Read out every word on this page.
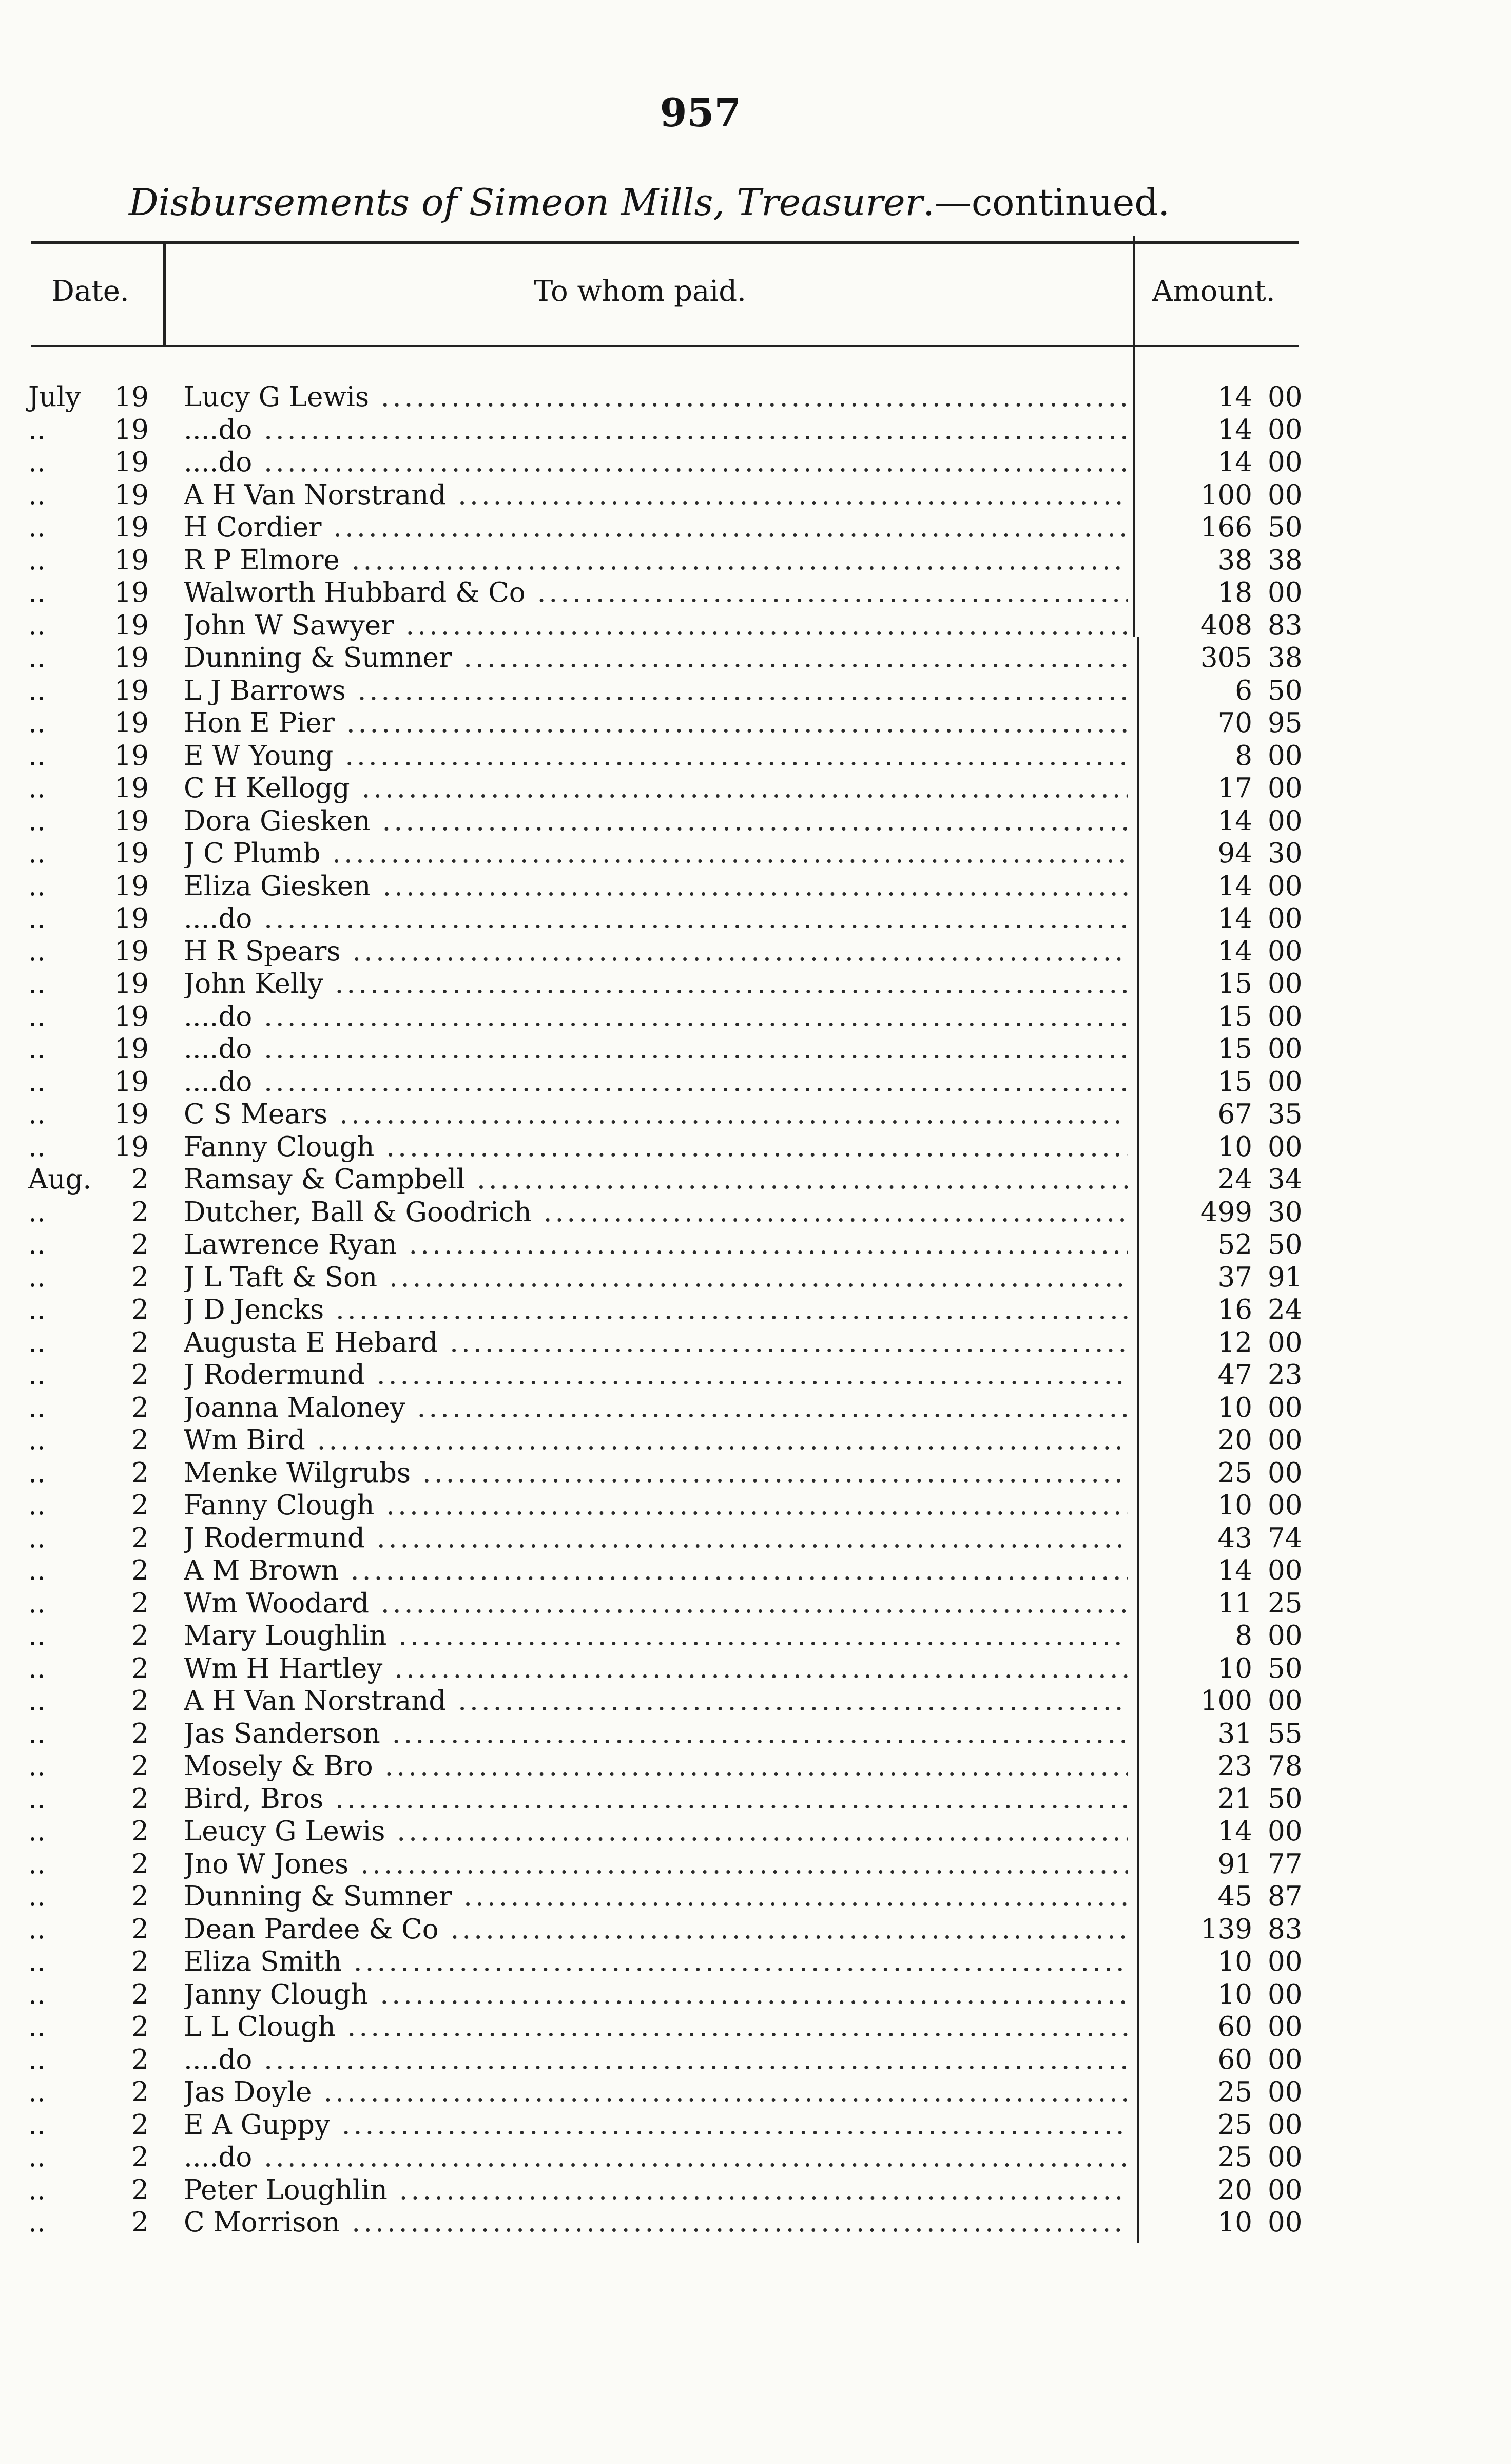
957
Disbursements of Simeon Mills, Treasurer.—continued.
Date.	To whom paid.	Amount.
July	19 Lucy G Lewis .....	14 00
..	19 ....do .....	14 00
..	19 ....do .....	14 00
..	19 A H Van Norstrand .....	100 00
..	19 H Cordier .....	166 50
..	19 R P Elmore .....	38 38
..	19 Walworth Hubbard & Co .....	18 00
..	19 John W Sawyer .....	408 83
..	19 Dunning & Sumner .....	305 38
..	19 L J Barrows .....	6 50
..	19 Hon E Pier .....	70 95
..	19 E W Young .....	8 00
..	19 C H Kellogg .....	17 00
..	19 Dora Giesken .....	14 00
..	19 J C Plumb .....	94 30
..	19 Eliza Giesken .....	14 00
..	19 ....do .....	14 00
..	19 H R Spears .....	14 00
..	19 John Kelly .....	15 00
..	19 ....do .....	15 00
..	19 ....do .....	15 00
..	19 ....do .....	15 00
..	19 C S Mears .....	67 35
..	19 Fanny Clough .....	10 00
Aug.	2 Ramsay & Campbell .....	24 34
..	2 Dutcher, Ball & Goodrich .....	499 30
..	2 Lawrence Ryan .....	52 50
..	2 J L Taft & Son .....	37 91
..	2 J D Jencks .....	16 24
..	2 Augusta E Hebard .....	12 00
..	2 J Rodermund .....	47 23
..	2 Joanna Maloney .....	10 00
..	2 Wm Bird .....	20 00
..	2 Menke Wilgrubs .....	25 00
..	2 Fanny Clough .....	10 00
..	2 J Rodermund .....	43 74
..	2 A M Brown .....	14 00
..	2 Wm Woodard .....	11 25
..	2 Mary Loughlin .....	8 00
..	2 Wm H Hartley .....	10 50
..	2 A H Van Norstrand .....	100 00
..	2 Jas Sanderson .....	31 55
..	2 Mosely & Bro .....	23 78
..	2 Bird, Bros .....	21 50
..	2 Leucy G Lewis .....	14 00
..	2 Jno W Jones .....	91 77
..	2 Dunning & Sumner .....	45 87
..	2 Dean Pardee & Co .....	139 83
..	2 Eliza Smith .....	10 00
..	2 Janny Clough .....	10 00
..	2 L L Clough .....	60 00
..	2 ....do .....	60 00
..	2 Jas Doyle .....	25 00
..	2 E A Guppy .....	25 00
..	2 ....do .....	25 00
..	2 Peter Loughlin .....	20 00
..	2 C Morrison .....	10 00
